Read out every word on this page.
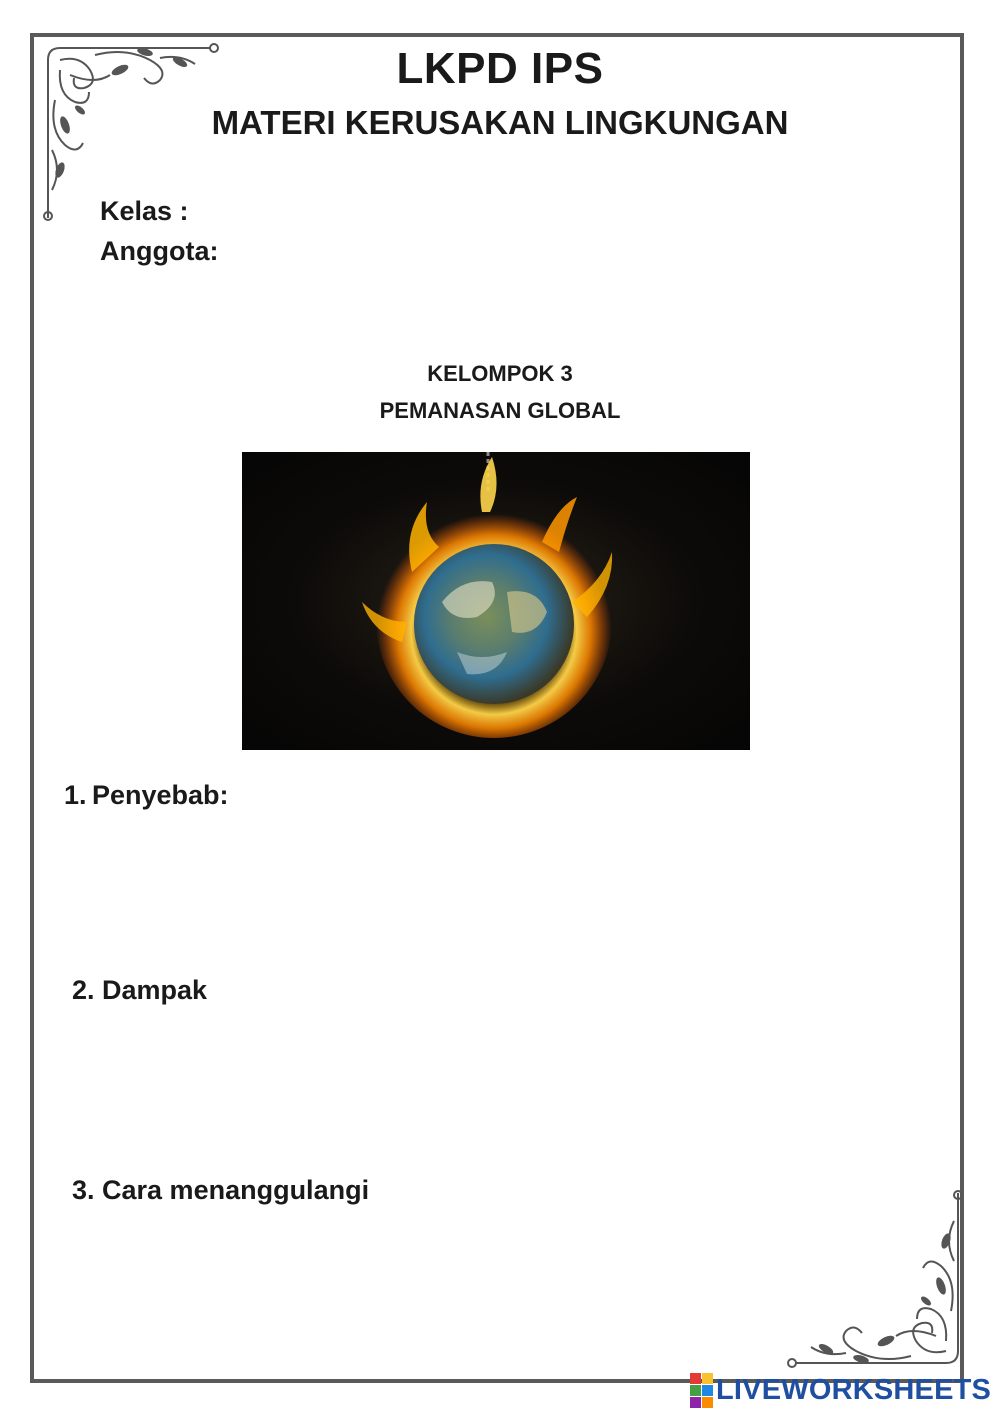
LKPD IPS
MATERI KERUSAKAN LINGKUNGAN
Kelas :
Anggota:
KELOMPOK 3
PEMANASAN GLOBAL
1. Penyebab:
2. Dampak
3. Cara menanggulangi
LIVEWORKSHEETS
